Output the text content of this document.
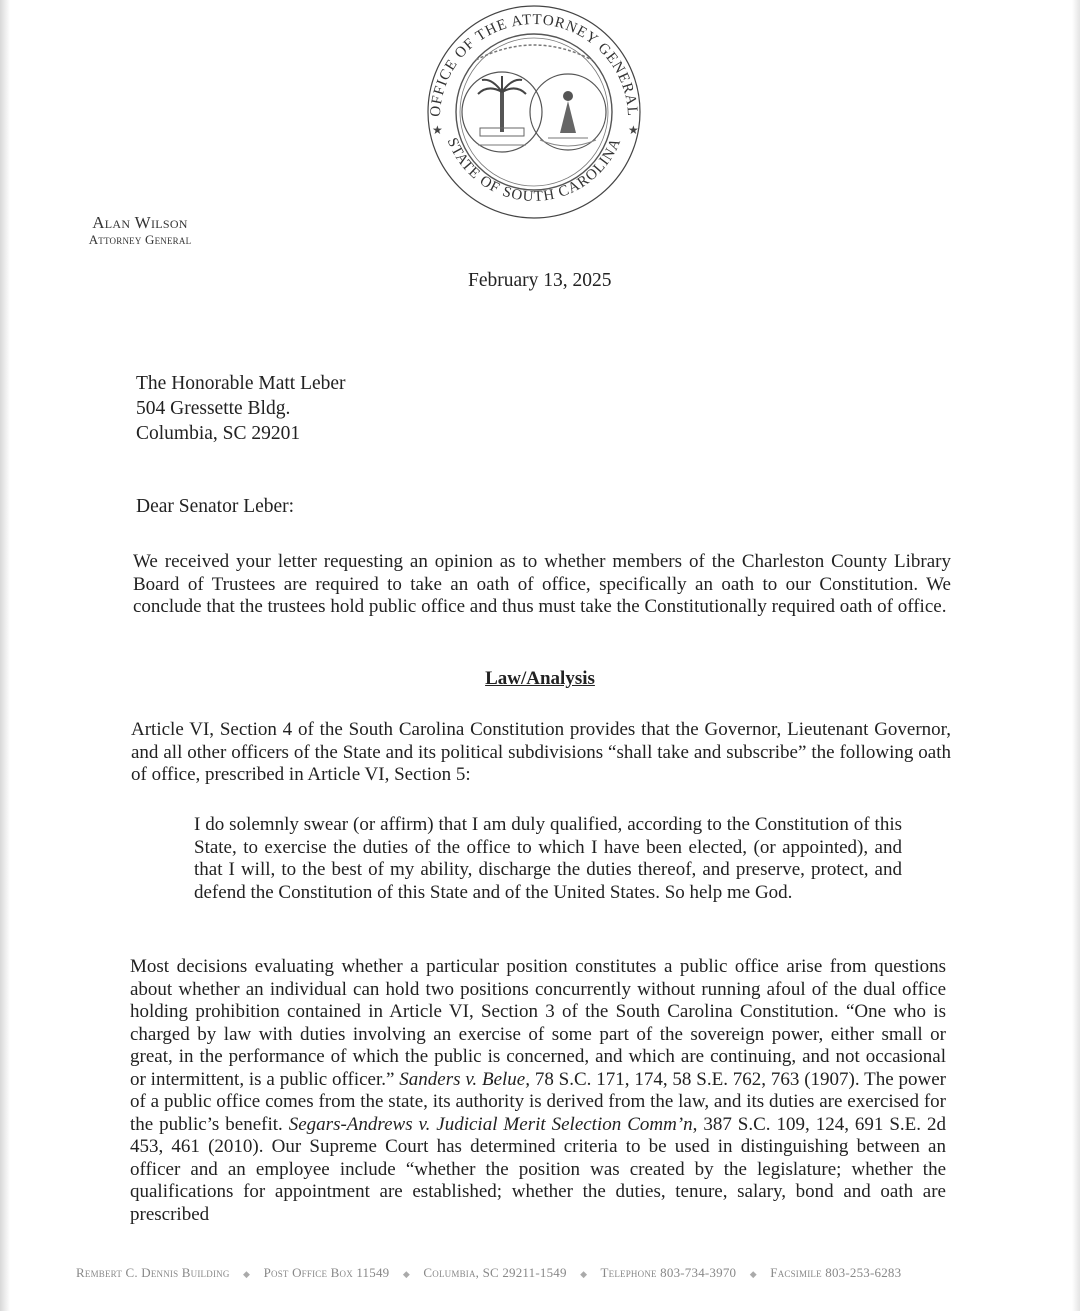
OFFICE OF THE ATTORNEY GENERAL
STATE OF SOUTH CAROLINA
★	★
Alan Wilson
Attorney General
February 13, 2025
The Honorable Matt Leber
504 Gressette Bldg.
Columbia, SC 29201
Dear Senator Leber:
We received your letter requesting an opinion as to whether members of the Charleston County Library Board of Trustees are required to take an oath of office, specifically an oath to our Constitution. We conclude that the trustees hold public office and thus must take the Constitutionally required oath of office.
Law/Analysis
Article VI, Section 4 of the South Carolina Constitution provides that the Governor, Lieutenant Governor, and all other officers of the State and its political subdivisions “shall take and subscribe” the following oath of office, prescribed in Article VI, Section 5:
I do solemnly swear (or affirm) that I am duly qualified, according to the Constitution of this State, to exercise the duties of the office to which I have been elected, (or appointed), and that I will, to the best of my ability, discharge the duties thereof, and preserve, protect, and defend the Constitution of this State and of the United States. So help me God.
Most decisions evaluating whether a particular position constitutes a public office arise from questions about whether an individual can hold two positions concurrently without running afoul of the dual office holding prohibition contained in Article VI, Section 3 of the South Carolina Constitution. “One who is charged by law with duties involving an exercise of some part of the sovereign power, either small or great, in the performance of which the public is concerned, and which are continuing, and not occasional or intermittent, is a public officer.” Sanders v. Belue, 78 S.C. 171, 174, 58 S.E. 762, 763 (1907). The power of a public office comes from the state, its authority is derived from the law, and its duties are exercised for the public’s benefit. Segars-Andrews v. Judicial Merit Selection Comm’n, 387 S.C. 109, 124, 691 S.E. 2d 453, 461 (2010). Our Supreme Court has determined criteria to be used in distinguishing between an officer and an employee include “whether the position was created by the legislature; whether the qualifications for appointment are established; whether the duties, tenure, salary, bond and oath are prescribed
Rembert C. Dennis Building ◆ Post Office Box 11549 ◆ Columbia, SC 29211-1549 ◆ Telephone 803-734-3970 ◆ Facsimile 803-253-6283
